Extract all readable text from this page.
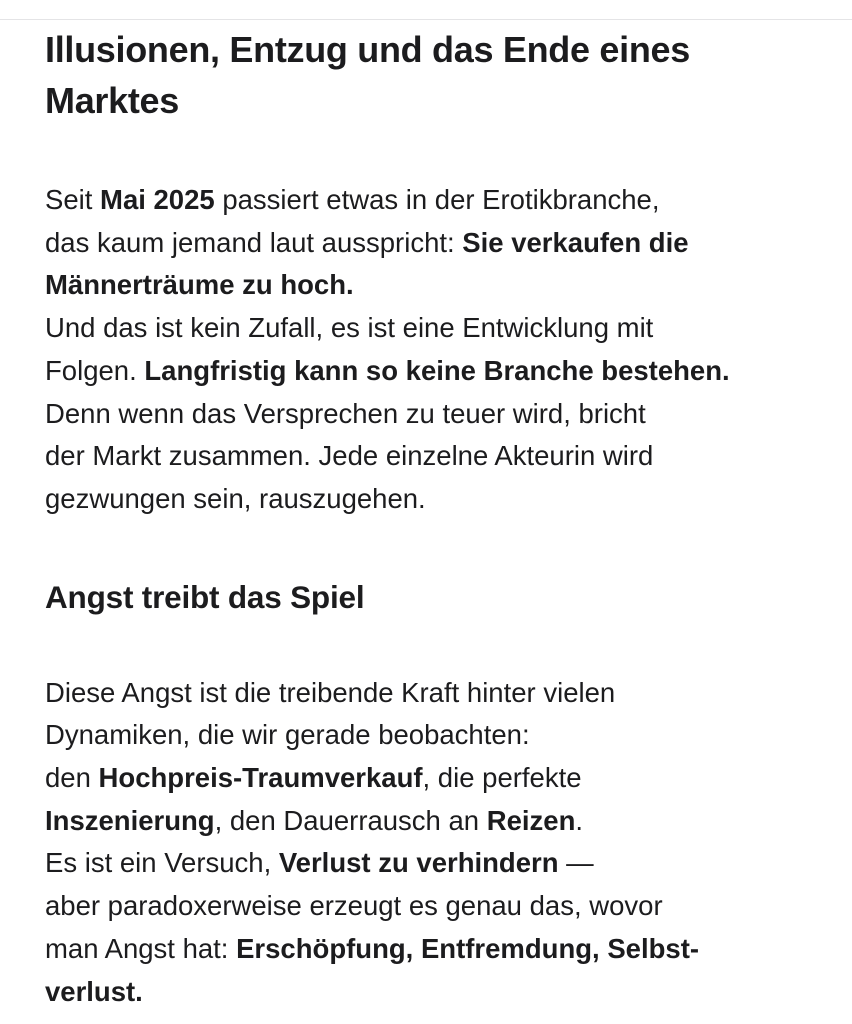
Illusionen, Entzug und das Ende eines
Marktes

Seit Mai 2025 passiert etwas in der Erotikbranche,
das kaum jemand laut ausspricht: Sie verkaufen die
Männerträume zu hoch.
Und das ist kein Zufall, es ist eine Entwicklung mit
Folgen. Langfristig kann so keine Branche bestehen.
Denn wenn das Versprechen zu teuer wird, bricht
der Markt zusammen. Jede einzelne Akteurin wird
gezwungen sein, rauszugehen.

Angst treibt das Spiel

Diese Angst ist die treibende Kraft hinter vielen
Dynamiken, die wir gerade beobachten:
den Hochpreis-Traumverkauf, die perfekte
Inszenierung, den Dauerrausch an Reizen.
Es ist ein Versuch, Verlust zu verhindern —
aber paradoxerweise erzeugt es genau das, wovor
man Angst hat: Erschöpfung, Entfremdung, Selbst-
verlust.
